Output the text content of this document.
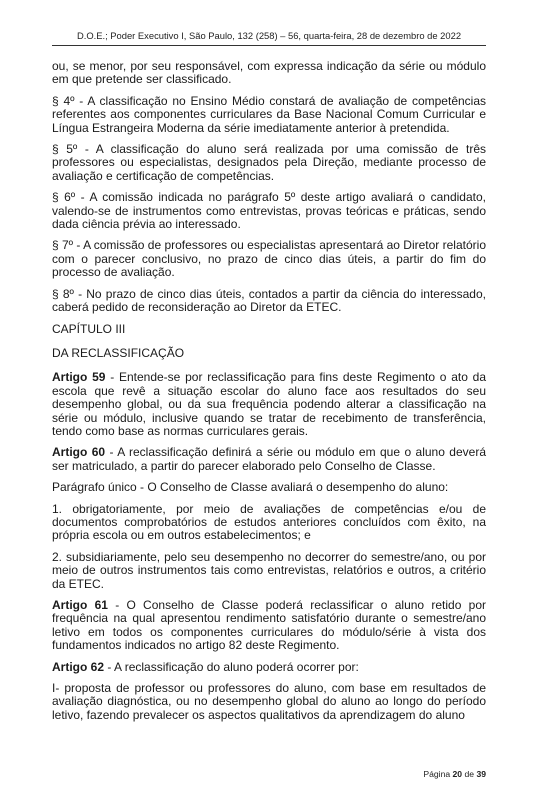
D.O.E.; Poder Executivo I, São Paulo, 132 (258) – 56, quarta-feira, 28 de dezembro de 2022

ou, se menor, por seu responsável, com expressa indicação da série ou módulo em que pretende ser classificado.

§ 4º - A classificação no Ensino Médio constará de avaliação de competências referentes aos componentes curriculares da Base Nacional Comum Curricular e Língua Estrangeira Moderna da série imediatamente anterior à pretendida.

§ 5º - A classificação do aluno será realizada por uma comissão de três professores ou especialistas, designados pela Direção, mediante processo de avaliação e certificação de competências.

§ 6º - A comissão indicada no parágrafo 5º deste artigo avaliará o candidato, valendo-se de instrumentos como entrevistas, provas teóricas e práticas, sendo dada ciência prévia ao interessado.

§ 7º - A comissão de professores ou especialistas apresentará ao Diretor relatório com o parecer conclusivo, no prazo de cinco dias úteis, a partir do fim do processo de avaliação.

§ 8º - No prazo de cinco dias úteis, contados a partir da ciência do interessado, caberá pedido de reconsideração ao Diretor da ETEC.

CAPÍTULO III

DA RECLASSIFICAÇÃO

Artigo 59 - Entende-se por reclassificação para fins deste Regimento o ato da escola que revê a situação escolar do aluno face aos resultados do seu desempenho global, ou da sua frequência podendo alterar a classificação na série ou módulo, inclusive quando se tratar de recebimento de transferência, tendo como base as normas curriculares gerais.

Artigo 60 - A reclassificação definirá a série ou módulo em que o aluno deverá ser matriculado, a partir do parecer elaborado pelo Conselho de Classe.

Parágrafo único - O Conselho de Classe avaliará o desempenho do aluno:

1. obrigatoriamente, por meio de avaliações de competências e/ou de documentos comprobatórios de estudos anteriores concluídos com êxito, na própria escola ou em outros estabelecimentos; e

2. subsidiariamente, pelo seu desempenho no decorrer do semestre/ano, ou por meio de outros instrumentos tais como entrevistas, relatórios e outros, a critério da ETEC.

Artigo 61 - O Conselho de Classe poderá reclassificar o aluno retido por frequência na qual apresentou rendimento satisfatório durante o semestre/ano letivo em todos os componentes curriculares do módulo/série à vista dos fundamentos indicados no artigo 82 deste Regimento.

Artigo 62 - A reclassificação do aluno poderá ocorrer por:

I- proposta de professor ou professores do aluno, com base em resultados de avaliação diagnóstica, ou no desempenho global do aluno ao longo do período letivo, fazendo prevalecer os aspectos qualitativos da aprendizagem do aluno

Página 20 de 39
